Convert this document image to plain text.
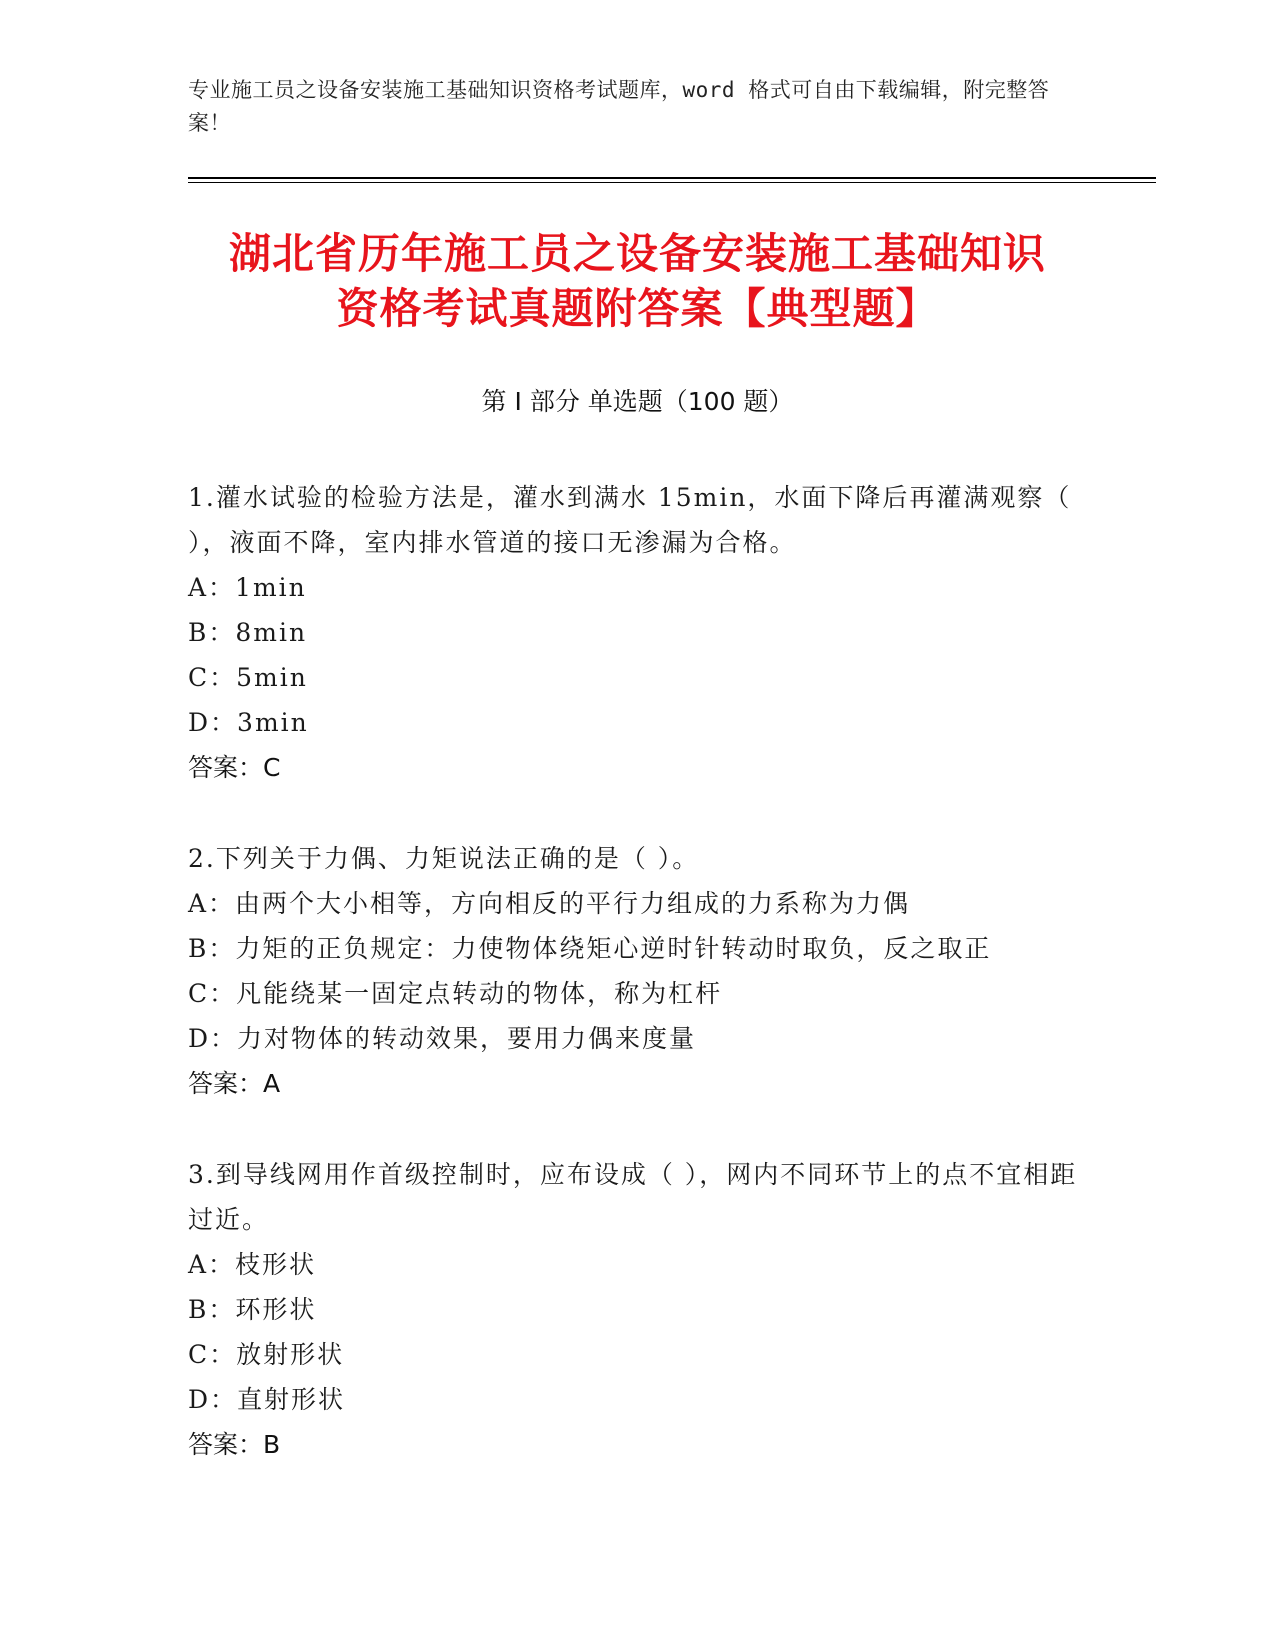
专业施工员之设备安装施工基础知识资格考试题库，word 格式可自由下载编辑，附完整答案！
湖北省历年施工员之设备安装施工基础知识
资格考试真题附答案【典型题】
第 I 部分 单选题（100 题）
1.灌水试验的检验方法是，灌水到满水 15min，水面下降后再灌满观察（ ），液面不降，室内排水管道的接口无渗漏为合格。
A：1min
B：8min
C：5min
D：3min
答案：C
2.下列关于力偶、力矩说法正确的是（ ）。
A：由两个大小相等，方向相反的平行力组成的力系称为力偶
B：力矩的正负规定：力使物体绕矩心逆时针转动时取负，反之取正
C：凡能绕某一固定点转动的物体，称为杠杆
D：力对物体的转动效果，要用力偶来度量
答案：A
3.到导线网用作首级控制时，应布设成（ ），网内不同环节上的点不宜相距过近。
A：枝形状
B：环形状
C：放射形状
D：直射形状
答案：B
